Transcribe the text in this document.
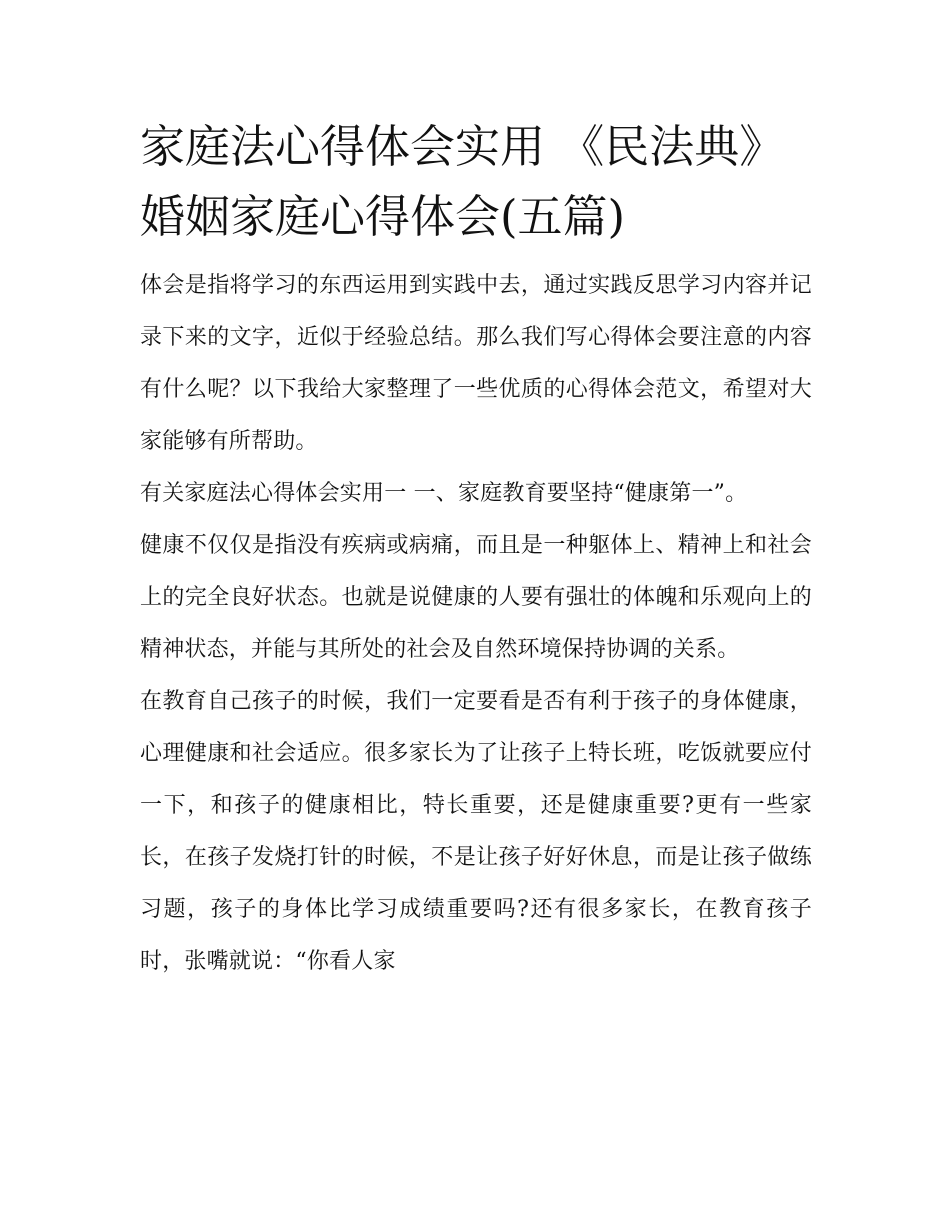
家庭法心得体会实用 《民法典》婚姻家庭心得体会(五篇)

体会是指将学习的东西运用到实践中去，通过实践反思学习内容并记录下来的文字，近似于经验总结。那么我们写心得体会要注意的内容有什么呢？以下我给大家整理了一些优质的心得体会范文，希望对大家能够有所帮助。

有关家庭法心得体会实用一 一、家庭教育要坚持“健康第一”。

健康不仅仅是指没有疾病或病痛，而且是一种躯体上、精神上和社会上的完全良好状态。也就是说健康的人要有强壮的体魄和乐观向上的精神状态，并能与其所处的社会及自然环境保持协调的关系。

在教育自己孩子的时候，我们一定要看是否有利于孩子的身体健康，心理健康和社会适应。很多家长为了让孩子上特长班，吃饭就要应付一下，和孩子的健康相比，特长重要，还是健康重要?更有一些家长，在孩子发烧打针的时候，不是让孩子好好休息，而是让孩子做练习题，孩子的身体比学习成绩重要吗?还有很多家长，在教育孩子时，张嘴就说：“你看人家
